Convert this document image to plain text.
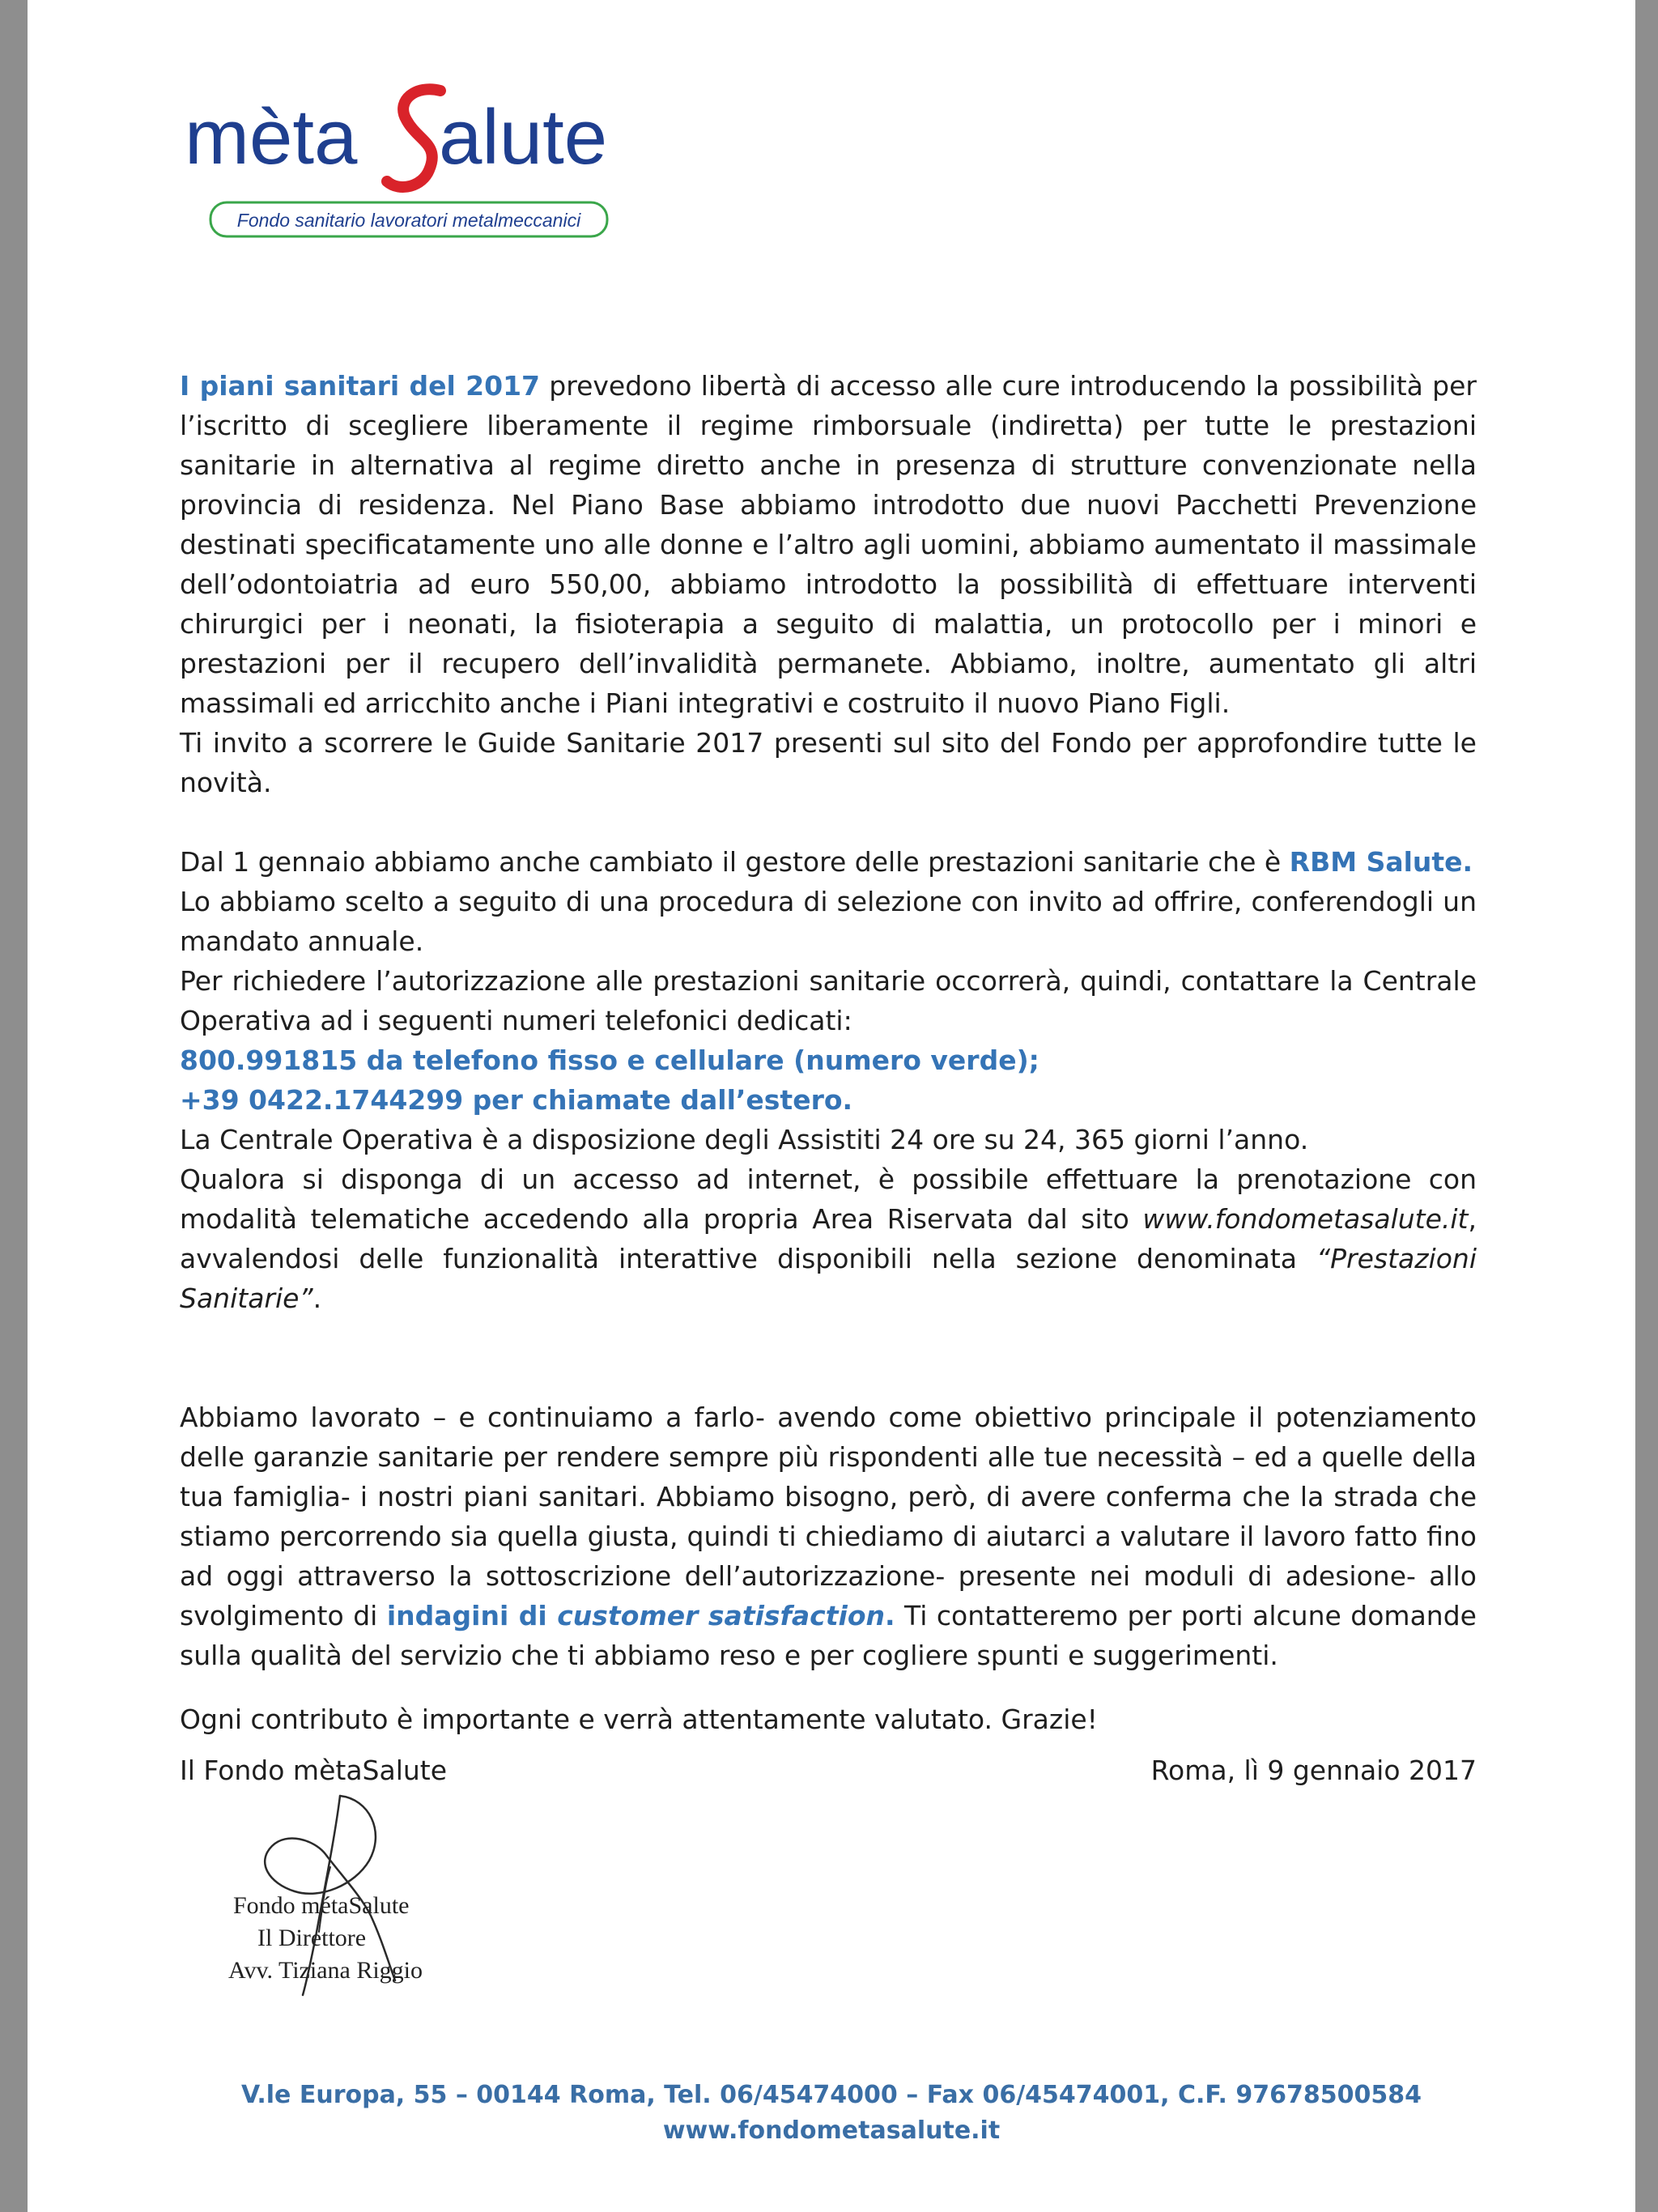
mèta alute
Fondo sanitario lavoratori metalmeccanici

I piani sanitari del 2017 prevedono libertà di accesso alle cure introducendo la possibilità per l’iscritto di scegliere liberamente il regime rimborsuale (indiretta) per tutte le prestazioni sanitarie in alternativa al regime diretto anche in presenza di strutture convenzionate nella provincia di residenza. Nel Piano Base abbiamo introdotto due nuovi Pacchetti Prevenzione destinati specificatamente uno alle donne e l’altro agli uomini, abbiamo aumentato il massimale dell’odontoiatria ad euro 550,00, abbiamo introdotto la possibilità di effettuare interventi chirurgici per i neonati, la fisioterapia a seguito di malattia, un protocollo per i minori e prestazioni per il recupero dell’invalidità permanete. Abbiamo, inoltre, aumentato gli altri massimali ed arricchito anche i Piani integrativi e costruito il nuovo Piano Figli.

Ti invito a scorrere le Guide Sanitarie 2017 presenti sul sito del Fondo per approfondire tutte le novità.

Dal 1 gennaio abbiamo anche cambiato il gestore delle prestazioni sanitarie che è RBM Salute.

Lo abbiamo scelto a seguito di una procedura di selezione con invito ad offrire, conferendogli un mandato annuale.

Per richiedere l’autorizzazione alle prestazioni sanitarie occorrerà, quindi, contattare la Centrale Operativa ad i seguenti numeri telefonici dedicati:

800.991815 da telefono fisso e cellulare (numero verde);

+39 0422.1744299 per chiamate dall’estero.

La Centrale Operativa è a disposizione degli Assistiti 24 ore su 24, 365 giorni l’anno.

Qualora si disponga di un accesso ad internet, è possibile effettuare la prenotazione con modalità telematiche accedendo alla propria Area Riservata dal sito www.fondometasalute.it, avvalendosi delle funzionalità interattive disponibili nella sezione denominata “Prestazioni Sanitarie”.

Abbiamo lavorato – e continuiamo a farlo- avendo come obiettivo principale il potenziamento delle garanzie sanitarie per rendere sempre più rispondenti alle tue necessità – ed a quelle della tua famiglia- i nostri piani sanitari. Abbiamo bisogno, però, di avere conferma che la strada che stiamo percorrendo sia quella giusta, quindi ti chiediamo di aiutarci a valutare il lavoro fatto fino ad oggi attraverso la sottoscrizione dell’autorizzazione- presente nei moduli di adesione- allo svolgimento di indagini di customer satisfaction. Ti contatteremo per porti alcune domande sulla qualità del servizio che ti abbiamo reso e per cogliere spunti e suggerimenti.

Ogni contributo è importante e verrà attentamente valutato. Grazie!

Il Fondo mètaSalute	Roma, lì 9 gennaio 2017
Fondo métaSalute
Il Direttore
Avv. Tiziana Riggio
V.le Europa, 55 – 00144 Roma, Tel. 06/45474000 – Fax 06/45474001, C.F. 97678500584
www.fondometasalute.it
